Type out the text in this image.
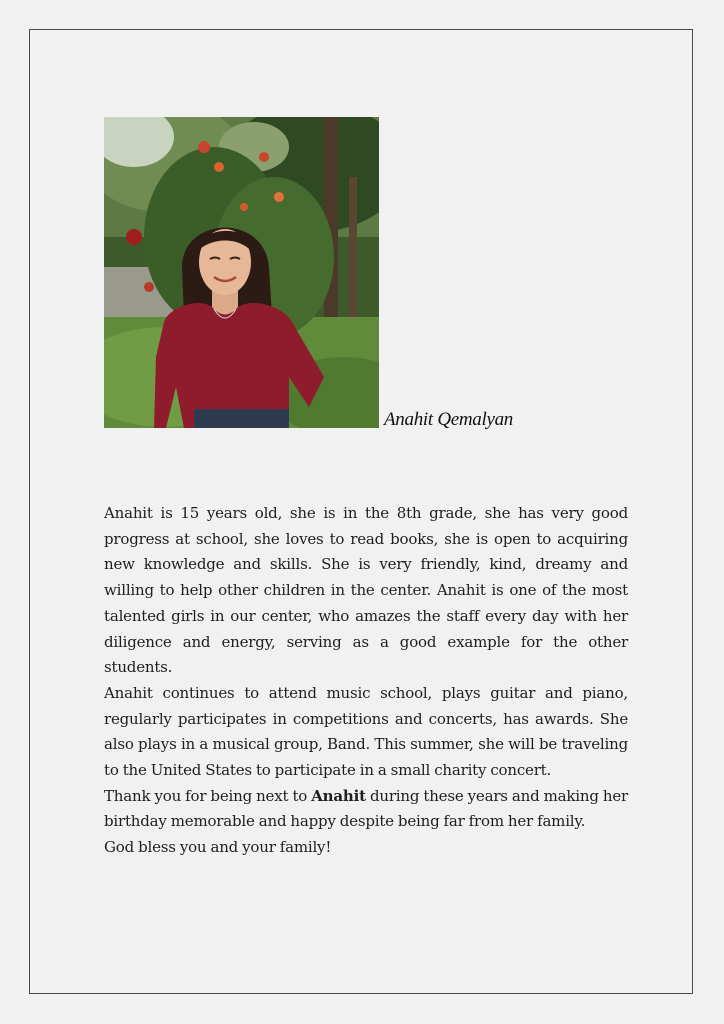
Anahit Qemalyan

Anahit is 15 years old, she is in the 8th grade, she has very good progress at school, she loves to read books, she is open to acquiring new knowledge and skills. She is very friendly, kind, dreamy and willing to help other children in the center. Anahit is one of the most talented girls in our center, who amazes the staff every day with her diligence and energy, serving as a good example for the other students.

Anahit continues to attend music school, plays guitar and piano, regularly participates in competitions and concerts, has awards. She also plays in a musical group, Band. This summer, she will be traveling to the United States to participate in a small charity concert.

Thank you for being next to Anahit during these years and making her birthday memorable and happy despite being far from her family.

God bless you and your family!
